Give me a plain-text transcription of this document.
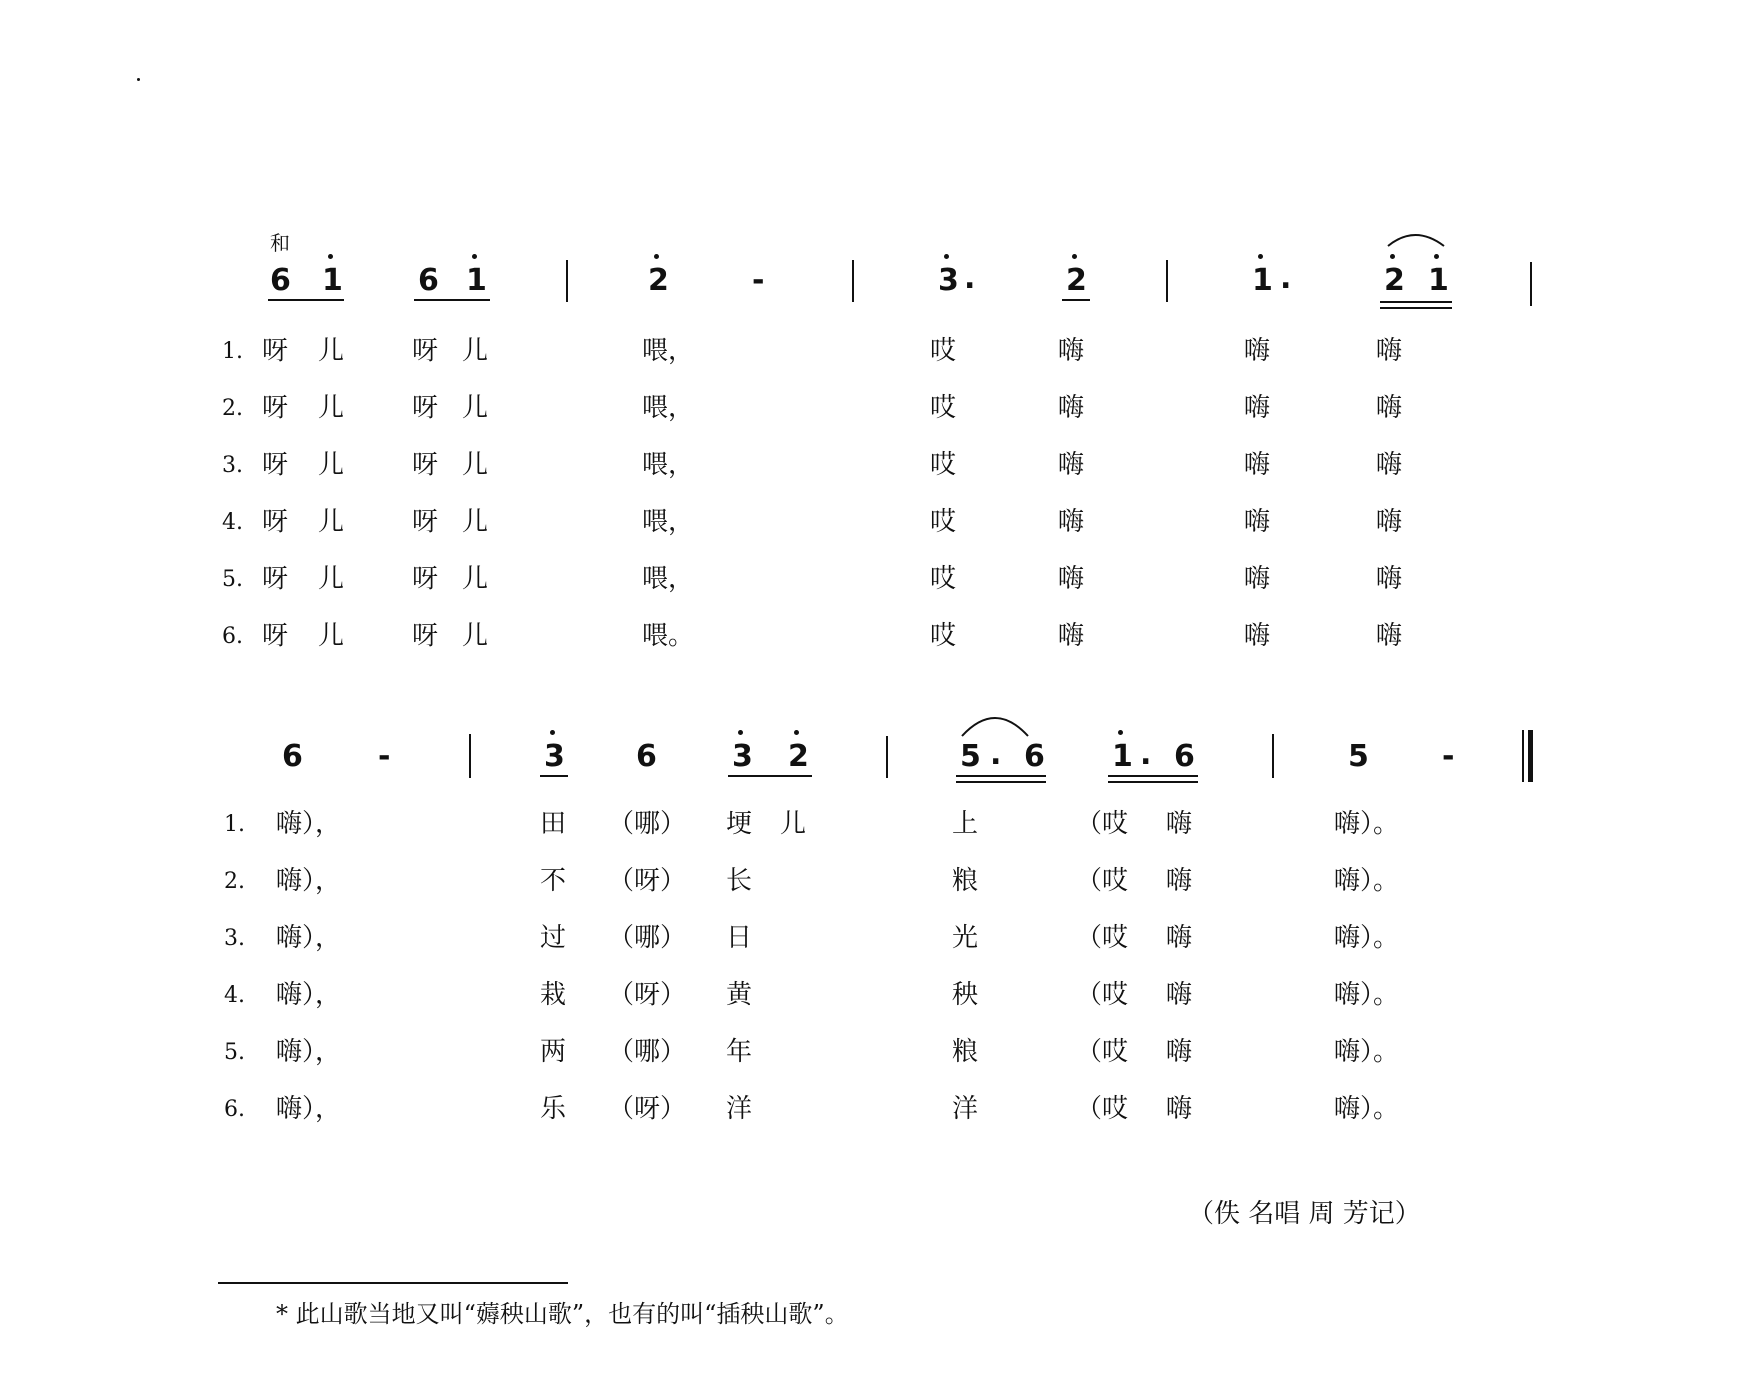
和
6 1	6 1	2	-	3 .	2	1 .	2 1
1. 呀 儿	呀 儿	喂，	哎	嗨	嗨	嗨
2. 呀 儿	呀 儿	喂，	哎	嗨	嗨	嗨
3. 呀 儿	呀 儿	喂，	哎	嗨	嗨	嗨
4. 呀 儿	呀 儿	喂，	哎	嗨	嗨	嗨
5. 呀 儿	呀 儿	喂，	哎	嗨	嗨	嗨
6. 呀 儿	呀 儿	喂。	哎	嗨	嗨	嗨
6	-	3 6	3 2	5 . 6 1 . 6	5 -
1. 嗨），	田 （哪） 埂 儿	上	（哎 嗨	嗨）。
2. 嗨），	不 （呀） 长	粮	（哎 嗨	嗨）。
3. 嗨），	过 （哪） 日	光	（哎 嗨	嗨）。
4. 嗨），	栽 （呀） 黄	秧	（哎 嗨	嗨）。
5. 嗨），	两 （哪） 年	粮	（哎 嗨	嗨）。
6. 嗨），	乐 （呀） 洋	洋	（哎 嗨	嗨）。
（佚 名唱 周 芳记）
* 此山歌当地又叫“薅秧山歌”，也有的叫“插秧山歌”。
